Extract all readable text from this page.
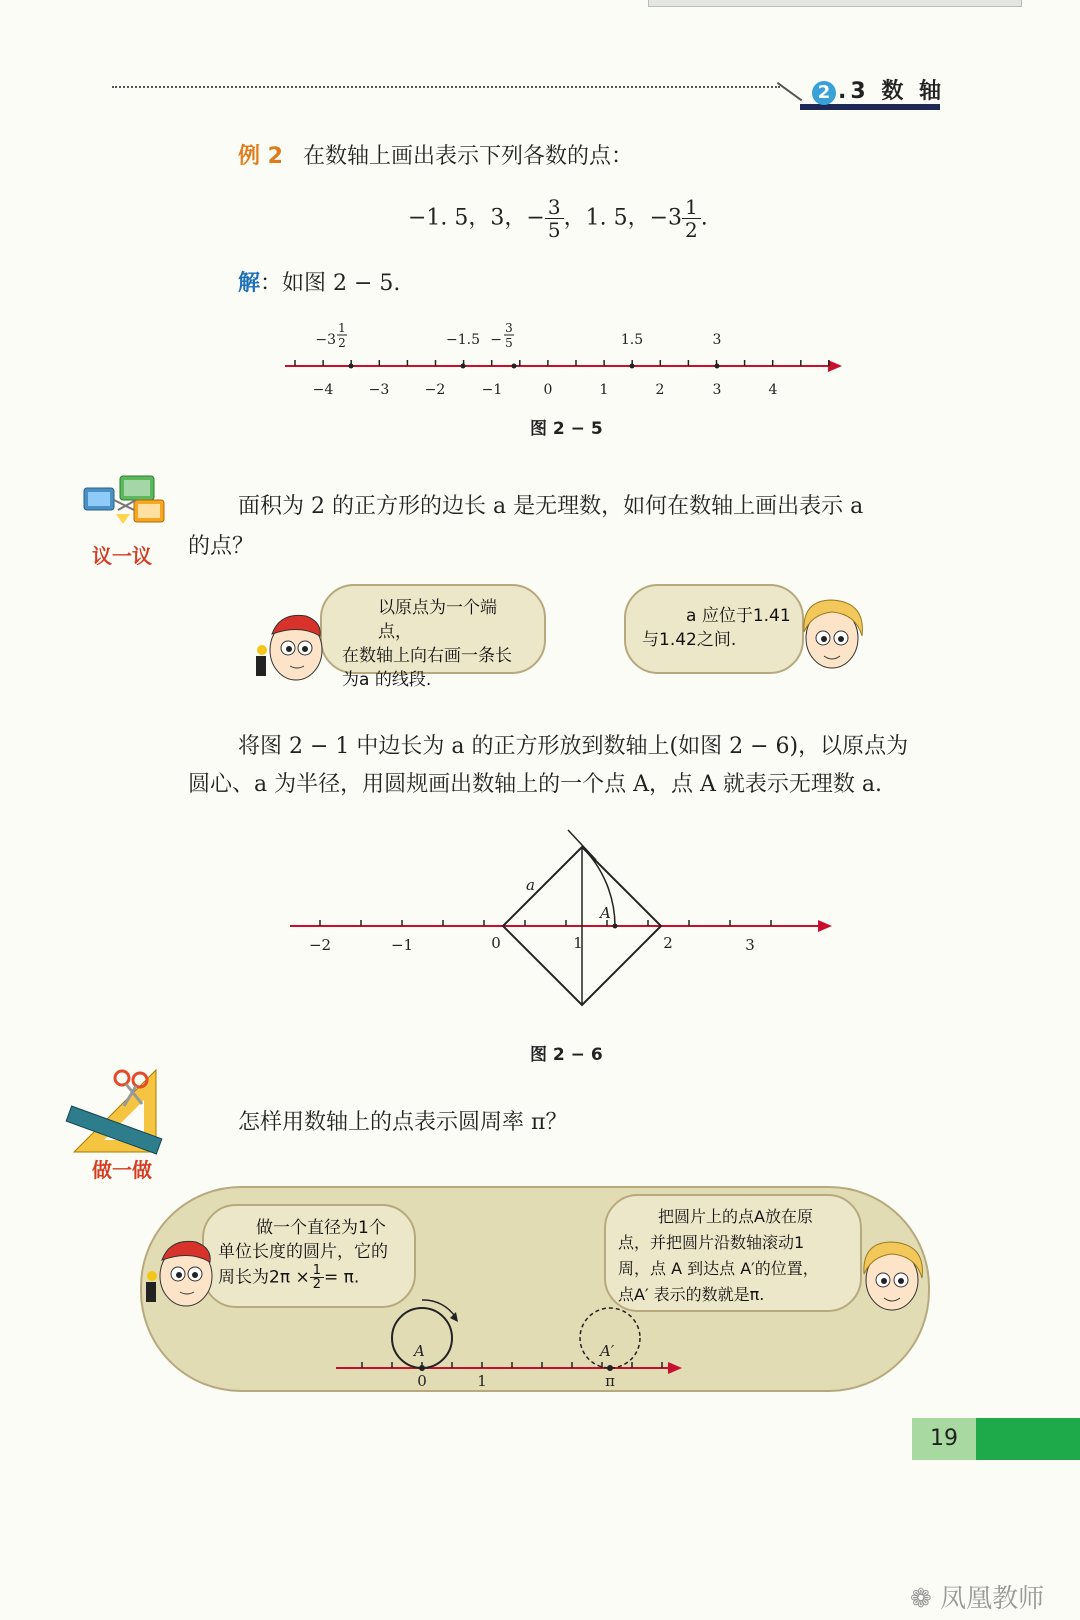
2 .3 数 轴
例 2 在数轴上画出表示下列各数的点：
−1. 5，3，− $\frac{3}{5}$ ，1. 5，$-3 \frac{1}{2}$ .
解：如图 2 − 5.
−4	−3	−2	−1	0	1	2	3	4
−3
1
2	−1.5 −
3
5	1.5	3
图 2 − 5
议一议
面积为 2 的正方形的边长 a 是无理数，如何在数轴上画出表示 a
的点？
以原点为一个端点，
在数轴上向右画一条长
为a 的线段.
a 应位于1.41
与1.42之间.
将图 2 − 1 中边长为 a 的正方形放到数轴上(如图 2 − 6)，以原点为
圆心、a 为半径，用圆规画出数轴上的一个点 A，点 A 就表示无理数 a.
−2	−1	0	1	2	3
a
A
图 2 − 6
做一做
怎样用数轴上的点表示圆周率 π？
做一个直径为1个
单位长度的圆片，它的
周长为$2\pi \times \frac{1}{2} = \pi$.
把圆片上的点A放在原
点，并把圆片沿数轴滚动1
周，点 A 到达点 A′的位置，
点A′ 表示的数就是π.
A	A′
0	1	π
19
❁ 凤凰教师
